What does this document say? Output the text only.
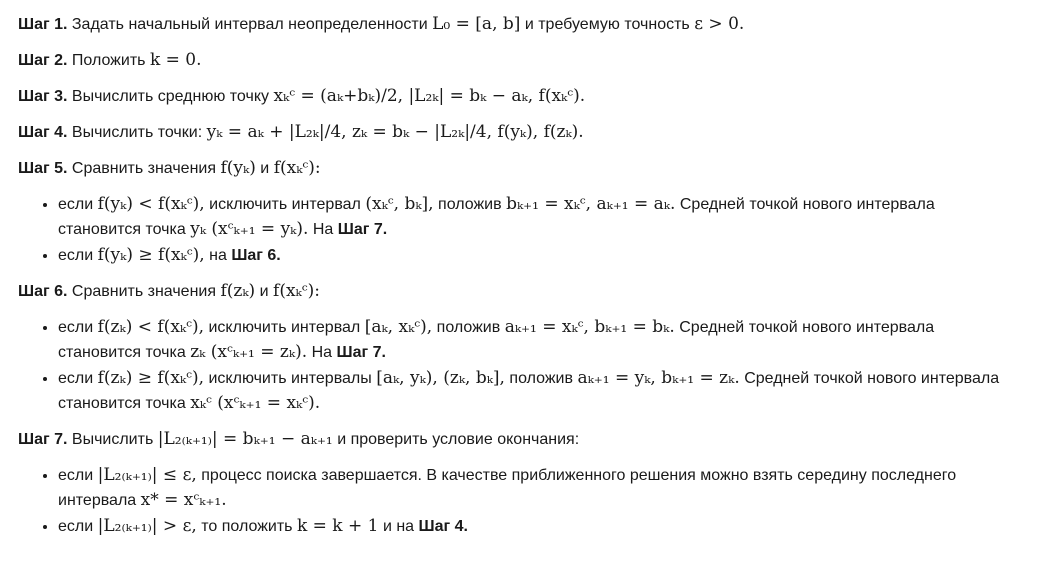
Шаг 1. Задать начальный интервал неопределенности L₀ = [a, b] и требуемую точность ε > 0.

Шаг 2. Положить k = 0.

Шаг 3. Вычислить среднюю точку xₖᶜ = (aₖ+bₖ)/2, |L₂ₖ| = bₖ − aₖ, f(xₖᶜ).

Шаг 4. Вычислить точки: yₖ = aₖ + |L₂ₖ|/4, zₖ = bₖ − |L₂ₖ|/4, f(yₖ), f(zₖ).

Шаг 5. Сравнить значения f(yₖ) и f(xₖᶜ):

• если f(yₖ) < f(xₖᶜ), исключить интервал (xₖᶜ, bₖ], положив bₖ₊₁ = xₖᶜ, aₖ₊₁ = aₖ. Средней точкой нового интервала становится точка yₖ (xᶜₖ₊₁ = yₖ). На Шаг 7.
• если f(yₖ) ≥ f(xₖᶜ), на Шаг 6.

Шаг 6. Сравнить значения f(zₖ) и f(xₖᶜ):

• если f(zₖ) < f(xₖᶜ), исключить интервал [aₖ, xₖᶜ), положив aₖ₊₁ = xₖᶜ, bₖ₊₁ = bₖ. Средней точкой нового интервала становится точка zₖ (xᶜₖ₊₁ = zₖ). На Шаг 7.
• если f(zₖ) ≥ f(xₖᶜ), исключить интервалы [aₖ, yₖ), (zₖ, bₖ], положив aₖ₊₁ = yₖ, bₖ₊₁ = zₖ. Средней точкой нового интервала становится точка xₖᶜ (xᶜₖ₊₁ = xₖᶜ).

Шаг 7. Вычислить |L₂₍ₖ₊₁₎| = bₖ₊₁ − aₖ₊₁ и проверить условие окончания:

• если |L₂₍ₖ₊₁₎| ≤ ε, процесс поиска завершается. В качестве приближенного решения можно взять середину последнего интервала x* = xᶜₖ₊₁.
• если |L₂₍ₖ₊₁₎| > ε, то положить k = k + 1 и на Шаг 4.
